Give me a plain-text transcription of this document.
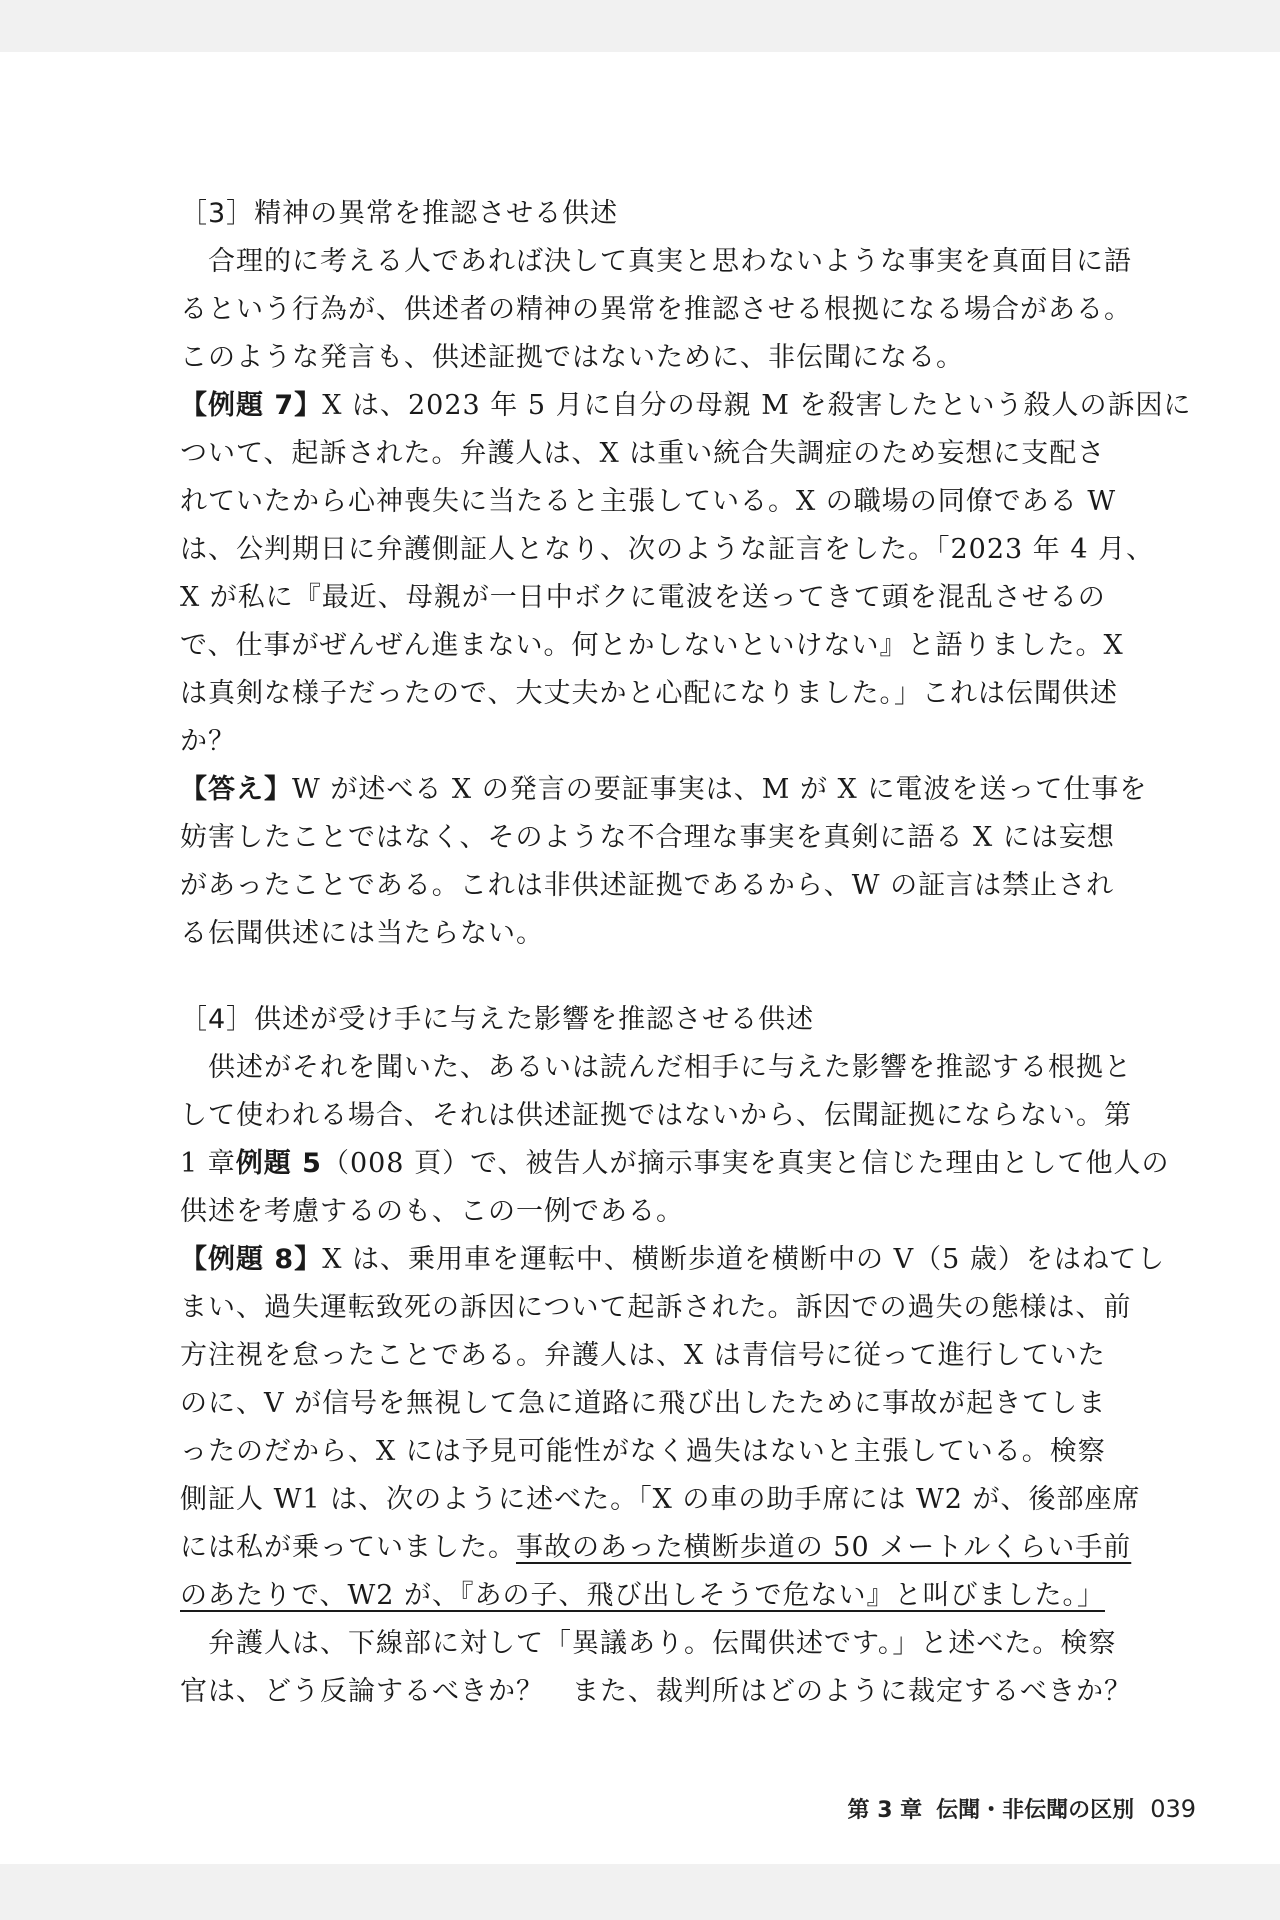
［3］精神の異常を推認させる供述
　合理的に考える人であれば決して真実と思わないような事実を真面目に語
るという行為が、供述者の精神の異常を推認させる根拠になる場合がある。
このような発言も、供述証拠ではないために、非伝聞になる。
【例題 7】X は、2023 年 5 月に自分の母親 M を殺害したという殺人の訴因に
ついて、起訴された。弁護人は、X は重い統合失調症のため妄想に支配さ
れていたから心神喪失に当たると主張している。X の職場の同僚である W
は、公判期日に弁護側証人となり、次のような証言をした。「2023 年 4 月、
X が私に『最近、母親が一日中ボクに電波を送ってきて頭を混乱させるの
で、仕事がぜんぜん進まない。何とかしないといけない』と語りました。X
は真剣な様子だったので、大丈夫かと心配になりました。」これは伝聞供述
か？
【答え】W が述べる X の発言の要証事実は、M が X に電波を送って仕事を
妨害したことではなく、そのような不合理な事実を真剣に語る X には妄想
があったことである。これは非供述証拠であるから、W の証言は禁止され
る伝聞供述には当たらない。
［4］供述が受け手に与えた影響を推認させる供述
　供述がそれを聞いた、あるいは読んだ相手に与えた影響を推認する根拠と
して使われる場合、それは供述証拠ではないから、伝聞証拠にならない。第
1 章例題 5（008 頁）で、被告人が摘示事実を真実と信じた理由として他人の
供述を考慮するのも、この一例である。
【例題 8】X は、乗用車を運転中、横断歩道を横断中の V（5 歳）をはねてし
まい、過失運転致死の訴因について起訴された。訴因での過失の態様は、前
方注視を怠ったことである。弁護人は、X は青信号に従って進行していた
のに、V が信号を無視して急に道路に飛び出したために事故が起きてしま
ったのだから、X には予見可能性がなく過失はないと主張している。検察
側証人 W1 は、次のように述べた。「X の車の助手席には W2 が、後部座席
には私が乗っていました。事故のあった横断歩道の 50 メートルくらい手前
のあたりで、W2 が、『あの子、飛び出しそうで危ない』と叫びました。」
　弁護人は、下線部に対して「異議あり。伝聞供述です。」と述べた。検察
官は、どう反論するべきか？　また、裁判所はどのように裁定するべきか？
第 3 章 伝聞・非伝聞の区別 039
